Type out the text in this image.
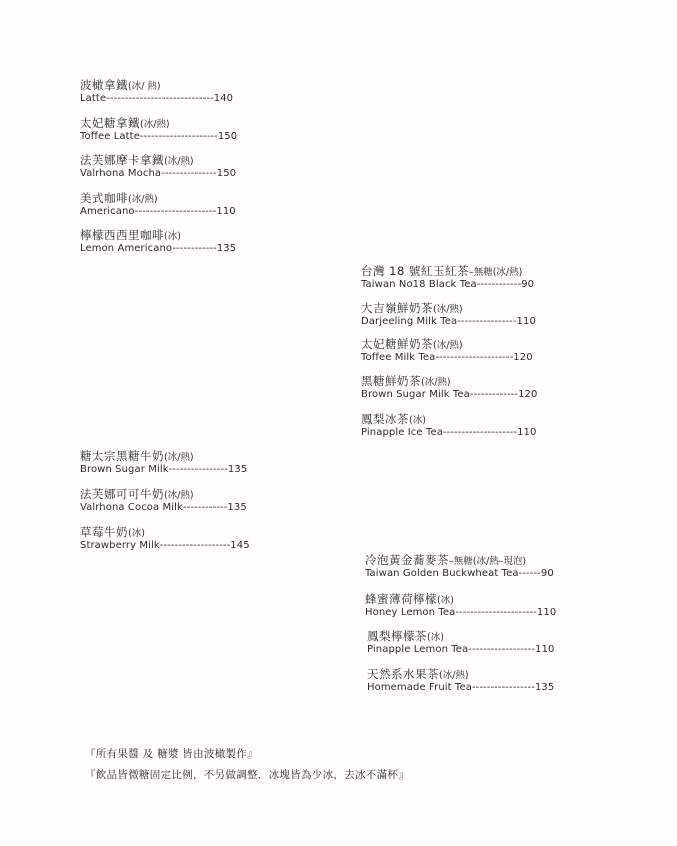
波橄拿鐵(冰/ 熱)
Latte-----------------------------140
太妃糖拿鐵(冰/熱)
Toffee Latte---------------------150
法芙娜摩卡拿鐵(冰/熱)
Valrhona Mocha---------------150
美式咖啡(冰/熱)
Americano----------------------110
檸檬西西里咖啡(冰)
Lemon Americano------------135
台灣 18 號紅玉紅茶–無糖(冰/熱)
Taiwan No18 Black Tea------------90
大吉嶺鮮奶茶(冰/熱)
Darjeeling Milk Tea----------------110
太妃糖鮮奶茶(冰/熱)
Toffee Milk Tea---------------------120
黑糖鮮奶茶(冰/熱)
Brown Sugar Milk Tea-------------120
鳳梨冰茶(冰)
Pinapple Ice Tea--------------------110
糖太宗黑糖牛奶(冰/熱)
Brown Sugar Milk----------------135
法芙娜可可牛奶(冰/熱)
Valrhona Cocoa Milk------------135
草莓牛奶(冰)
Strawberry Milk-------------------145
冷泡黃金蕎麥茶–無糖(冰/熱–現泡)
Taiwan Golden Buckwheat Tea------90
蜂蜜薄荷檸檬(冰)
Honey Lemon Tea----------------------110
鳳梨檸檬茶(冰)
Pinapple Lemon Tea------------------110
天然系水果茶(冰/熱)
Homemade Fruit Tea-----------------135
『所有果醬 及 糖漿 皆由波橄製作』
『飲品皆微糖固定比例，不另做調整．冰塊皆為少冰，去冰不滿杯』
